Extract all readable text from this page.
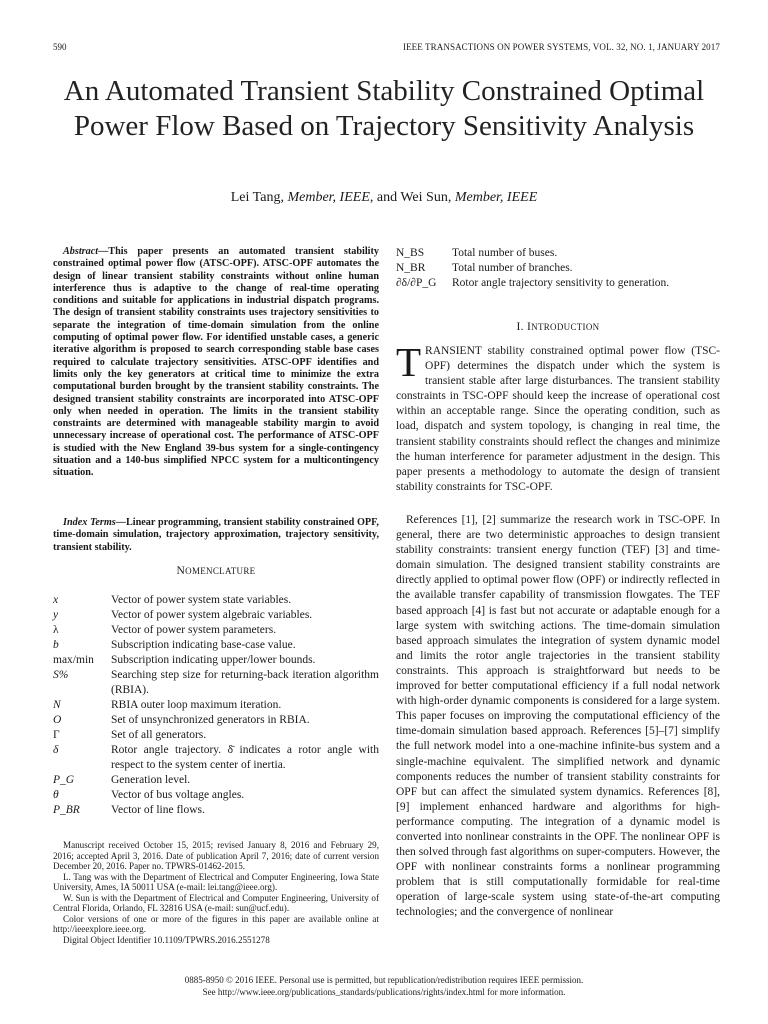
590	IEEE TRANSACTIONS ON POWER SYSTEMS, VOL. 32, NO. 1, JANUARY 2017
An Automated Transient Stability Constrained Optimal Power Flow Based on Trajectory Sensitivity Analysis
Lei Tang, Member, IEEE, and Wei Sun, Member, IEEE
Abstract—This paper presents an automated transient stability constrained optimal power flow (ATSC-OPF). ATSC-OPF automates the design of linear transient stability constraints without online human interference thus is adaptive to the change of real-time operating conditions and suitable for applications in industrial dispatch programs. The design of transient stability constraints uses trajectory sensitivities to separate the integration of time-domain simulation from the online computing of optimal power flow. For identified unstable cases, a generic iterative algorithm is proposed to search corresponding stable base cases required to calculate trajectory sensitivities. ATSC-OPF identifies and limits only the key generators at critical time to minimize the extra computational burden brought by the transient stability constraints. The designed transient stability constraints are incorporated into ATSC-OPF only when needed in operation. The limits in the transient stability constraints are determined with manageable stability margin to avoid unnecessary increase of operational cost. The performance of ATSC-OPF is studied with the New England 39-bus system for a single-contingency situation and a 140-bus simplified NPCC system for a multicontingency situation.
Index Terms—Linear programming, transient stability constrained OPF, time-domain simulation, trajectory approximation, trajectory sensitivity, transient stability.
NOMENCLATURE
x	Vector of power system state variables.
y	Vector of power system algebraic variables.
λ	Vector of power system parameters.
b	Subscription indicating base-case value.
max/min	Subscription indicating upper/lower bounds.
S%	Searching step size for returning-back iteration algorithm (RBIA).
N	RBIA outer loop maximum iteration.
O	Set of unsynchronized generators in RBIA.
Γ	Set of all generators.
δ	Rotor angle trajectory. δ̄ indicates a rotor angle with respect to the system center of inertia.
P_G	Generation level.
θ	Vector of bus voltage angles.
P_BR	Vector of line flows.
Manuscript received October 15, 2015; revised January 8, 2016 and February 29, 2016; accepted April 3, 2016. Date of publication April 7, 2016; date of current version December 20, 2016. Paper no. TPWRS-01462-2015.
L. Tang was with the Department of Electrical and Computer Engineering, Iowa State University, Ames, IA 50011 USA (e-mail: lei.tang@ieee.org).
W. Sun is with the Department of Electrical and Computer Engineering, University of Central Florida, Orlando, FL 32816 USA (e-mail: sun@ucf.edu).
Color versions of one or more of the figures in this paper are available online at http://ieeexplore.ieee.org.
Digital Object Identifier 10.1109/TPWRS.2016.2551278
N_BS	Total number of buses.
N_BR	Total number of branches.
∂δ/∂P_G	Rotor angle trajectory sensitivity to generation.
I. INTRODUCTION
TRANSIENT stability constrained optimal power flow (TSC-OPF) determines the dispatch under which the system is transient stable after large disturbances. The transient stability constraints in TSC-OPF should keep the increase of operational cost within an acceptable range. Since the operating condition, such as load, dispatch and system topology, is changing in real time, the transient stability constraints should reflect the changes and minimize the human interference for parameter adjustment in the design. This paper presents a methodology to automate the design of transient stability constraints for TSC-OPF.
References [1], [2] summarize the research work in TSC-OPF. In general, there are two deterministic approaches to design transient stability constraints: transient energy function (TEF) [3] and time-domain simulation. The designed transient stability constraints are directly applied to optimal power flow (OPF) or indirectly reflected in the available transfer capability of transmission flowgates. The TEF based approach [4] is fast but not accurate or adaptable enough for a large system with switching actions. The time-domain simulation based approach simulates the integration of system dynamic model and limits the rotor angle trajectories in the transient stability constraints. This approach is straightforward but needs to be improved for better computational efficiency if a full nodal network with high-order dynamic components is considered for a large system. This paper focuses on improving the computational efficiency of the time-domain simulation based approach. References [5]–[7] simplify the full network model into a one-machine infinite-bus system and a single-machine equivalent. The simplified network and dynamic components reduces the number of transient stability constraints for OPF but can affect the simulated system dynamics. References [8], [9] implement enhanced hardware and algorithms for high-performance computing. The integration of a dynamic model is converted into nonlinear constraints in the OPF. The nonlinear OPF is then solved through fast algorithms on super-computers. However, the OPF with nonlinear constraints forms a nonlinear programming problem that is still computationally formidable for real-time operation of large-scale system using state-of-the-art computing technologies; and the convergence of nonlinear
0885-8950 © 2016 IEEE. Personal use is permitted, but republication/redistribution requires IEEE permission.
See http://www.ieee.org/publications_standards/publications/rights/index.html for more information.
